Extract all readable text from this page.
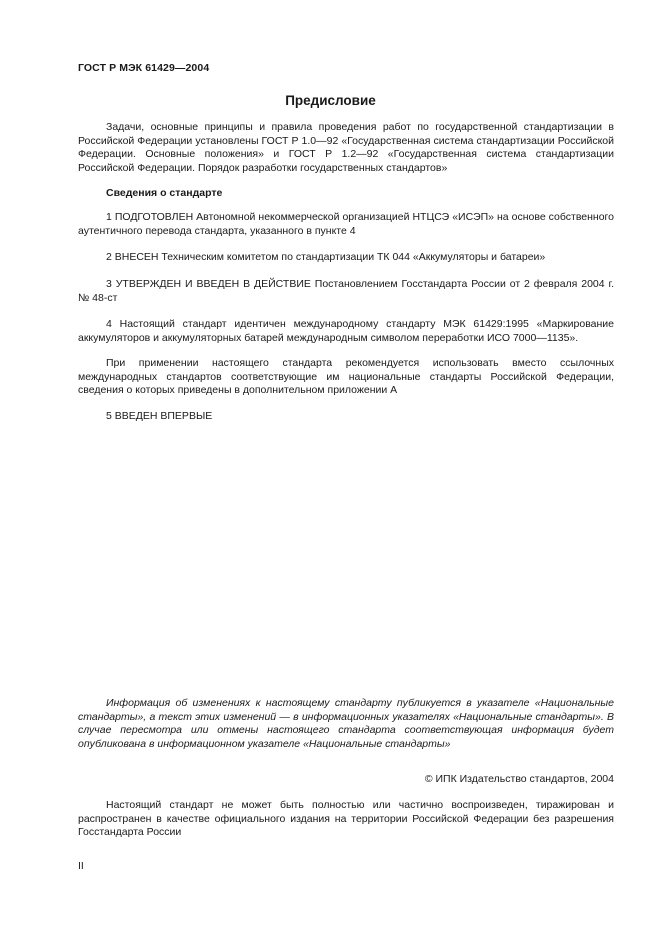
ГОСТ Р МЭК 61429—2004
Предисловие
Задачи, основные принципы и правила проведения работ по государственной стандартизации в Российской Федерации установлены ГОСТ Р 1.0—92 «Государственная система стандартизации Российской Федерации. Основные положения» и ГОСТ Р 1.2—92 «Государственная система стандартизации Российской Федерации. Порядок разработки государственных стандартов»
Сведения о стандарте
1 ПОДГОТОВЛЕН Автономной некоммерческой организацией НТЦСЭ «ИСЭП» на основе собственного аутентичного перевода стандарта, указанного в пункте 4
2 ВНЕСЕН Техническим комитетом по стандартизации ТК 044 «Аккумуляторы и батареи»
3 УТВЕРЖДЕН И ВВЕДЕН В ДЕЙСТВИЕ Постановлением Госстандарта России от 2 февраля 2004 г. № 48-ст
4 Настоящий стандарт идентичен международному стандарту МЭК 61429:1995 «Маркирование аккумуляторов и аккумуляторных батарей международным символом переработки ИСО 7000—1135».
При применении настоящего стандарта рекомендуется использовать вместо ссылочных международных стандартов соответствующие им национальные стандарты Российской Федерации, сведения о которых приведены в дополнительном приложении А
5 ВВЕДЕН ВПЕРВЫЕ
Информация об изменениях к настоящему стандарту публикуется в указателе «Национальные стандарты», а текст этих изменений — в информационных указателях «Национальные стандарты». В случае пересмотра или отмены настоящего стандарта соответствующая информация будет опубликована в информационном указателе «Национальные стандарты»
© ИПК Издательство стандартов, 2004
Настоящий стандарт не может быть полностью или частично воспроизведен, тиражирован и распространен в качестве официального издания на территории Российской Федерации без разрешения Госстандарта России
II
